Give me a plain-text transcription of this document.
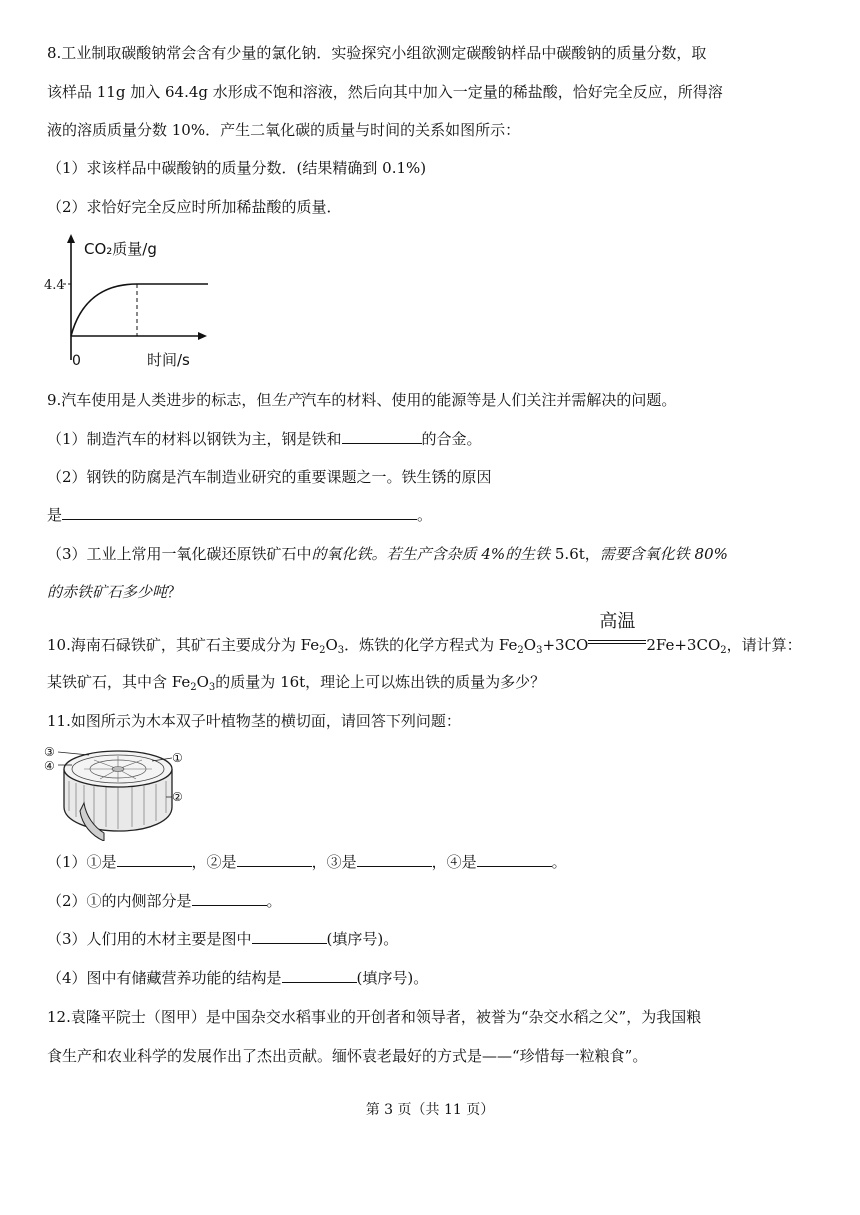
8.工业制取碳酸钠常会含有少量的氯化钠．实验探究小组欲测定碳酸钠样品中碳酸钠的质量分数，取
该样品 11g 加入 64.4g 水形成不饱和溶液，然后向其中加入一定量的稀盐酸，恰好完全反应，所得溶
液的溶质质量分数 10%．产生二氧化碳的质量与时间的关系如图所示：
（1）求该样品中碳酸钠的质量分数．(结果精确到 0.1%)
（2）求恰好完全反应时所加稀盐酸的质量．
4.4
0
CO₂质量/g
时间/s
9.汽车使用是人类进步的标志，但生产汽车的材料、使用的能源等是人们关注并需解决的问题。
（1）制造汽车的材料以钢铁为主，钢是铁和	的合金。
（2）钢铁的防腐是汽车制造业研究的重要课题之一。铁生锈的原因
是	。
（3）工业上常用一氧化碳还原铁矿石中的氧化铁。若生产含杂质 4%的生铁 5.6t，需要含氧化铁 80%
的赤铁矿石多少吨？
10.海南石碌铁矿，其矿石主要成分为 $Fe_2O_3$．炼铁的化学方程式为 $Fe_2O_3+3CO$
高温
$2Fe+3CO_2$，请计算：
某铁矿石，其中含 $Fe_2O_3$的质量为 16t，理论上可以炼出铁的质量为多少？
11.如图所示为木本双子叶植物茎的横切面，请回答下列问题：
③
④
①
②
（1）①是	，②是	，③是	，④是	。
（2）①的内侧部分是	。
（3）人们用的木材主要是图中	(填序号)。
（4）图中有储藏营养功能的结构是	(填序号)。
12.袁隆平院士（图甲）是中国杂交水稻事业的开创者和领导者，被誉为“杂交水稻之父”，为我国粮
食生产和农业科学的发展作出了杰出贡献。缅怀袁老最好的方式是——“珍惜每一粒粮食”。
第 3 页（共 11 页）
